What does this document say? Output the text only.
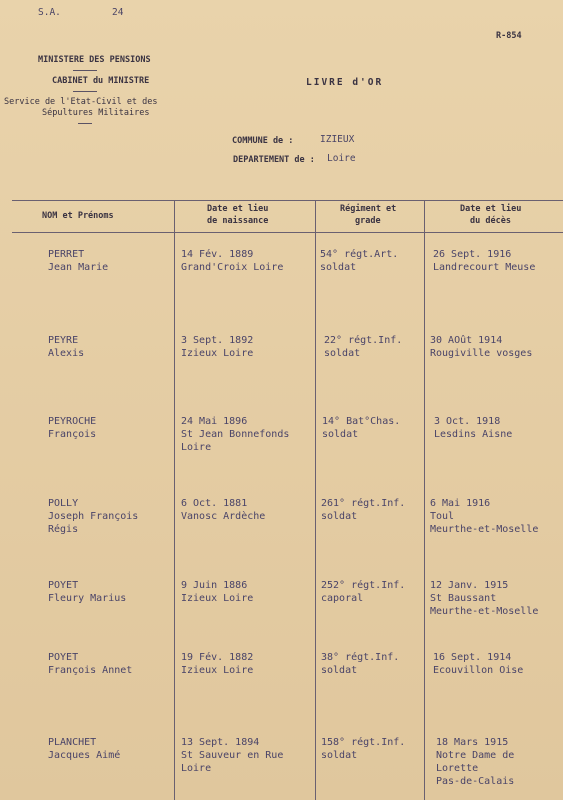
S.A.	24
R-854
MINISTERE DES PENSIONS
CABINET du MINISTRE
Service de l'Etat-Civil et des
Sépultures Militaires
LIVRE d'OR
COMMUNE de :	IZIEUX
DEPARTEMENT de : Loire
NOM et Prénoms
Date et lieu
de naissance
Régiment et
grade
Date et lieu
du décès
PERRET
Jean Marie
14 Fév. 1889
Grand'Croix Loire
54° régt.Art.
soldat
26 Sept. 1916
Landrecourt Meuse
PEYRE
Alexis
3 Sept. 1892
Izieux Loire
22° régt.Inf.
soldat
30 AOût 1914
Rougiville vosges
PEYROCHE
François
24 Mai 1896
St Jean Bonnefonds
Loire
14° Bat°Chas.
soldat
3 Oct. 1918
Lesdins Aisne
POLLY
Joseph François
Régis
6 Oct. 1881
Vanosc Ardèche
261° régt.Inf.
soldat
6 Mai 1916
Toul
Meurthe-et-Moselle
POYET
Fleury Marius
9 Juin 1886
Izieux Loire
252° régt.Inf.
caporal
12 Janv. 1915
St Baussant
Meurthe-et-Moselle
POYET
François Annet
19 Fév. 1882
Izieux Loire
38° régt.Inf.
soldat
16 Sept. 1914
Ecouvillon Oise
PLANCHET
Jacques Aimé
13 Sept. 1894
St Sauveur en Rue
Loire
158° régt.Inf.
soldat
18 Mars 1915
Notre Dame de
Lorette
Pas-de-Calais
